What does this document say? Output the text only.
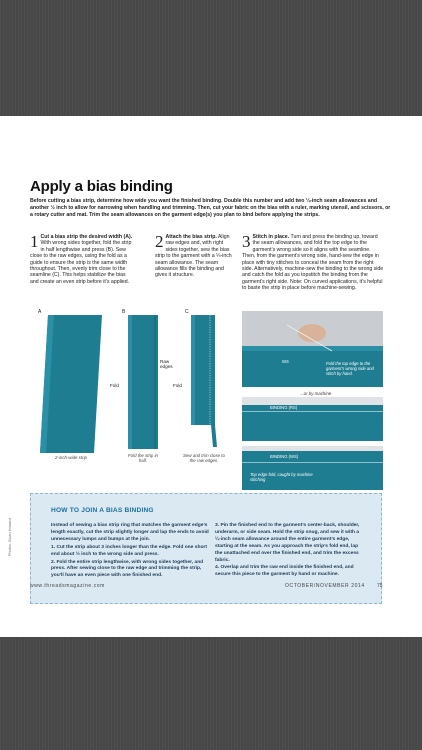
Apply a bias binding
Before cutting a bias strip, determine how wide you want the finished binding. Double this number and add two ¼-inch seam allowances and another ½ inch to allow for narrowing when handling and trimming. Then, cut your fabric on the bias with a ruler, marking utensil, and scissors, or a rotary cutter and mat. Trim the seam allowances on the garment edge(s) you plan to bind before applying the strips.
1 Cut a bias strip the desired width (A). With wrong sides together, fold the strip in half lengthwise and press (B). Sew close to the raw edges, using the fold as a guide to ensure the strip is the same width throughout. Then, evenly trim close to the seamline (C). This helps stabilize the bias and create an even strip before it’s applied.
2 Attach the bias strip. Align raw edges and, with right sides together, sew the bias strip to the garment with a ¼-inch seam allowance. The seam allowance fills the binding and gives it structure.
3 Stitch in place. Turn and press the binding up, toward the seam allowances, and fold the top edge to the garment’s wrong side so it aligns with the seamline. Then, from the garment’s wrong side, hand-sew the edge in place with tiny stitches to conceal the seam from the right side. Alternatively, machine-sew the binding to the wrong side and catch the fold as you topstitch the binding from the garment’s right side. Note: On curved applications, it’s helpful to baste the strip in place before machine-sewing.
A
2-inch-wide strip
B
Fold
Raw edges
Fold the strip in half.
C
Fold
Sew and trim close to the raw edges.
WS	Fold the top edge to the garment’s wrong side and stitch by hand.
...or by machine
BINDING (RS)
BINDING (WS)
Top edge fold, caught by machine stitching
HOW TO JOIN A BIAS BINDING

Instead of sewing a bias strip ring that matches the garment edge’s length exactly, cut the strip slightly longer and lap the ends to avoid unnecessary lumps and bumps at the join.

1. Cut the strip about 3 inches longer than the edge. Fold one short end about ½ inch to the wrong side and press.

2. Fold the entire strip lengthwise, with wrong sides together, and press. After sewing close to the raw edge and trimming the strip, you’ll have an even piece with one finished end.

3. Pin the finished end to the garment’s center-back, shoulder, underarm, or side seam. Hold the strip snug, and sew it with a ¼-inch seam allowance around the entire garment’s edge, starting at the seam. As you approach the strip’s fold end, lap the unattached end over the finished end, and trim the excess fabric.

4. Overlap and trim the raw end inside the finished end, and secure this piece to the garment by hand or machine.

Photos: Sloan Howard
www.threadsmagazine.com	OCTOBER/NOVEMBER 2014 75
